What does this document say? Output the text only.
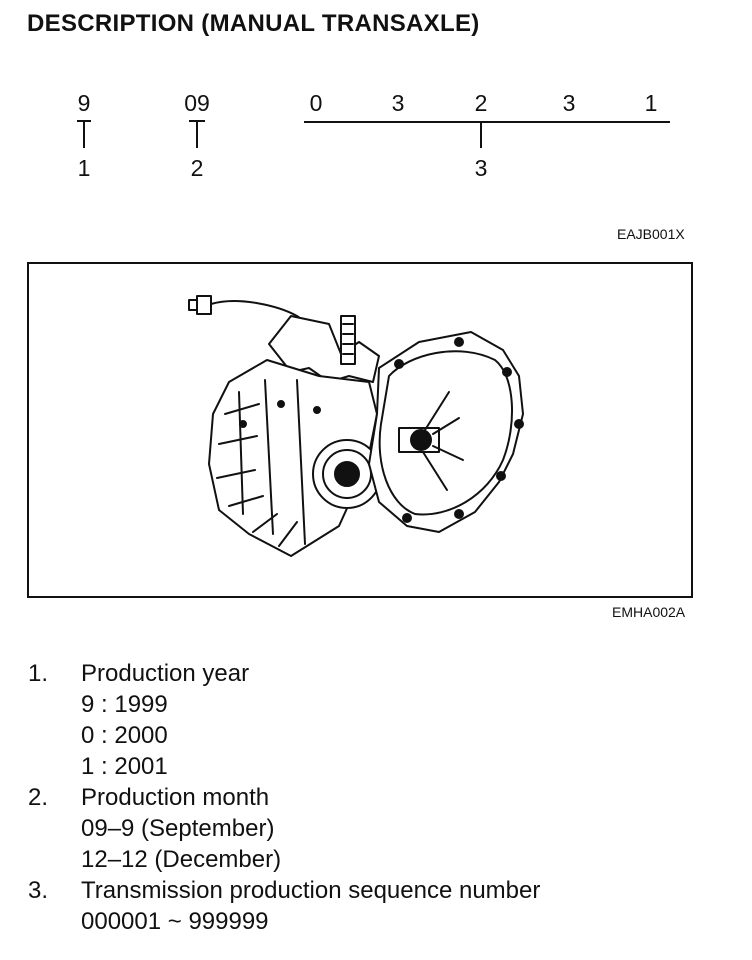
DESCRIPTION (MANUAL TRANSAXLE)
9
1
09
2
0	3	2	3	1
3
EAJB001X
EMHA002A
1.	Production year
9 : 1999
0 : 2000
1 : 2001
2.	Production month
09–9 (September)
12–12 (December)
3.	Transmission production sequence number
000001 ~ 999999
